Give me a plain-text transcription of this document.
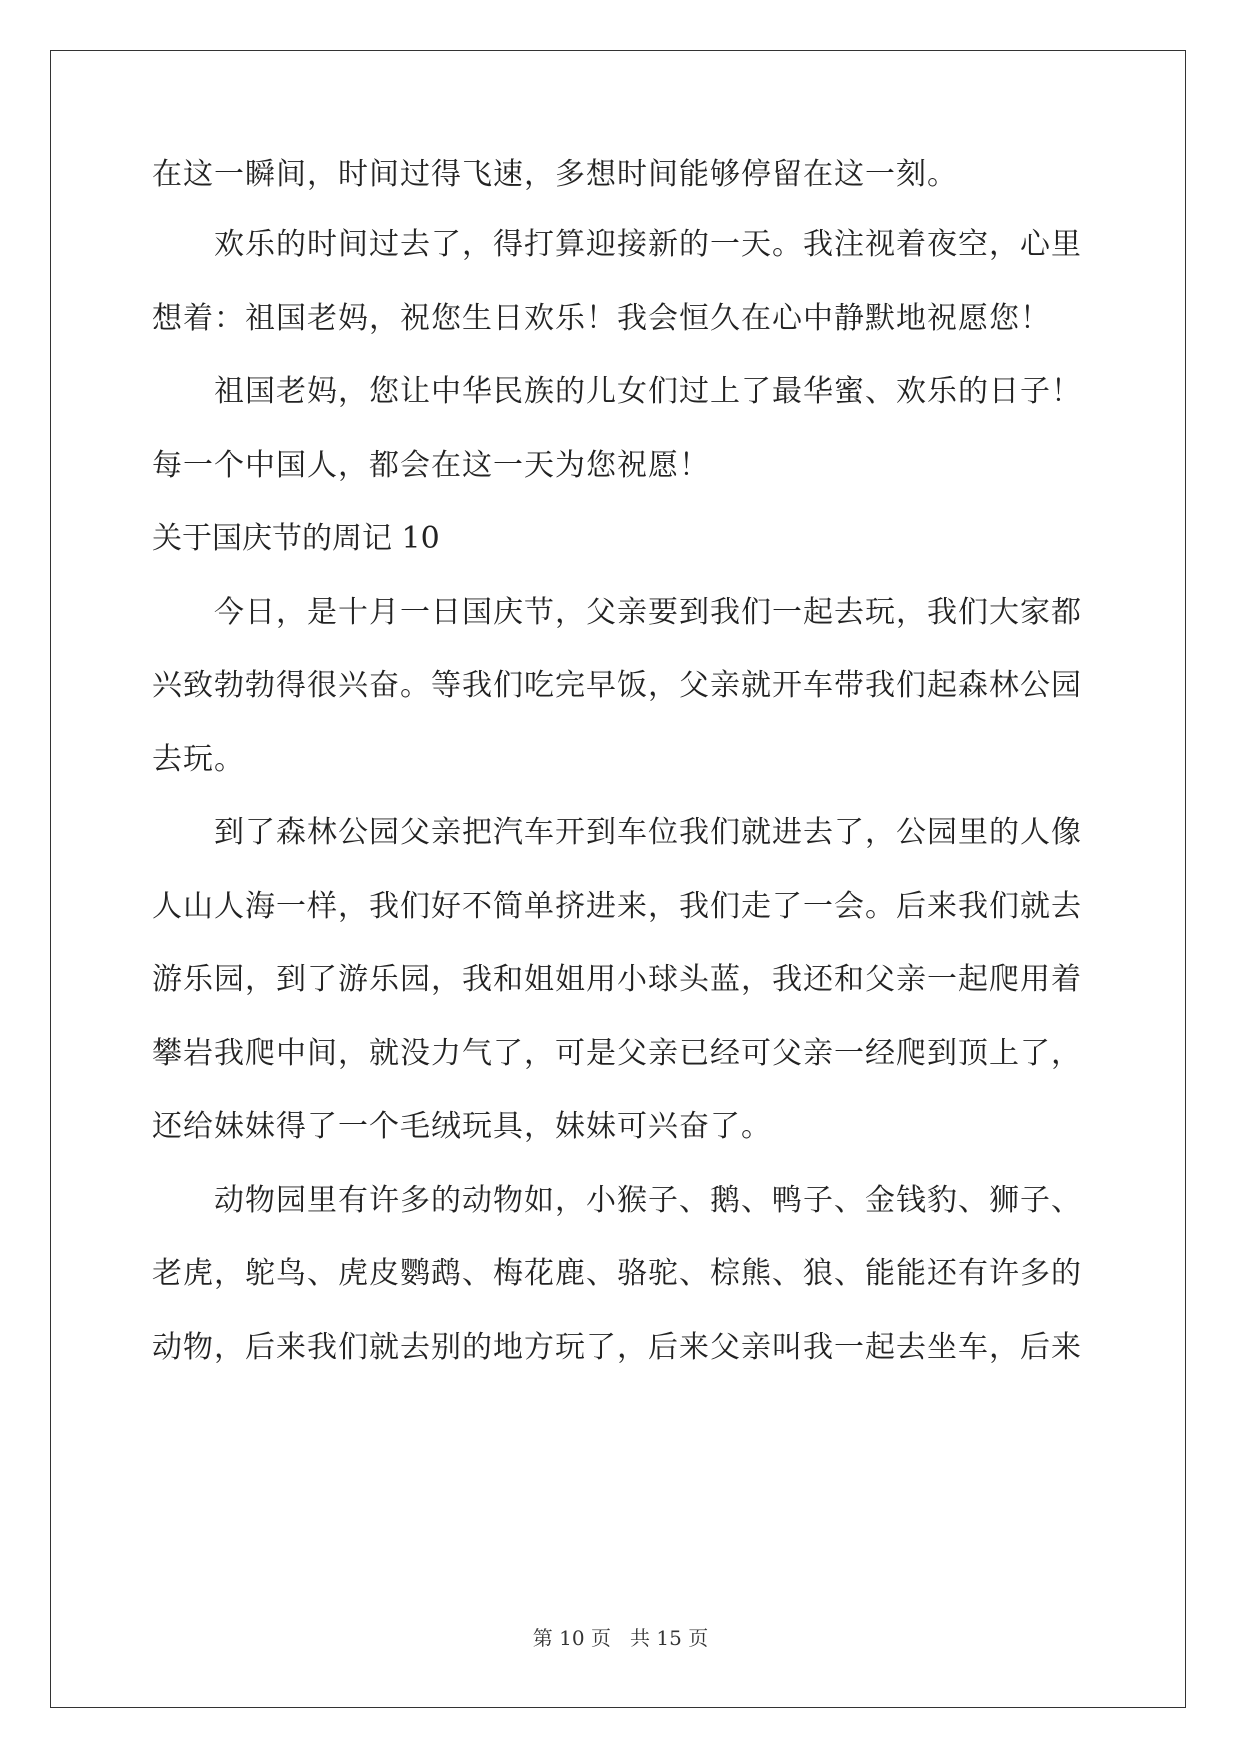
在这一瞬间，时间过得飞速，多想时间能够停留在这一刻。
欢乐的时间过去了，得打算迎接新的一天。我注视着夜空，心里
想着：祖国老妈，祝您生日欢乐！我会恒久在心中静默地祝愿您！
祖国老妈，您让中华民族的儿女们过上了最华蜜、欢乐的日子！
每一个中国人，都会在这一天为您祝愿！
关于国庆节的周记 10
今日，是十月一日国庆节，父亲要到我们一起去玩，我们大家都
兴致勃勃得很兴奋。等我们吃完早饭，父亲就开车带我们起森林公园
去玩。
到了森林公园父亲把汽车开到车位我们就进去了，公园里的人像
人山人海一样，我们好不简单挤进来，我们走了一会。后来我们就去
游乐园，到了游乐园，我和姐姐用小球头蓝，我还和父亲一起爬用着
攀岩我爬中间，就没力气了，可是父亲已经可父亲一经爬到顶上了，
还给妹妹得了一个毛绒玩具，妹妹可兴奋了。
动物园里有许多的动物如，小猴子、鹅、鸭子、金钱豹、狮子、
老虎，鸵鸟、虎皮鹦鹉、梅花鹿、骆驼、棕熊、狼、能能还有许多的
动物，后来我们就去别的地方玩了，后来父亲叫我一起去坐车，后来
第 10 页   共 15 页
